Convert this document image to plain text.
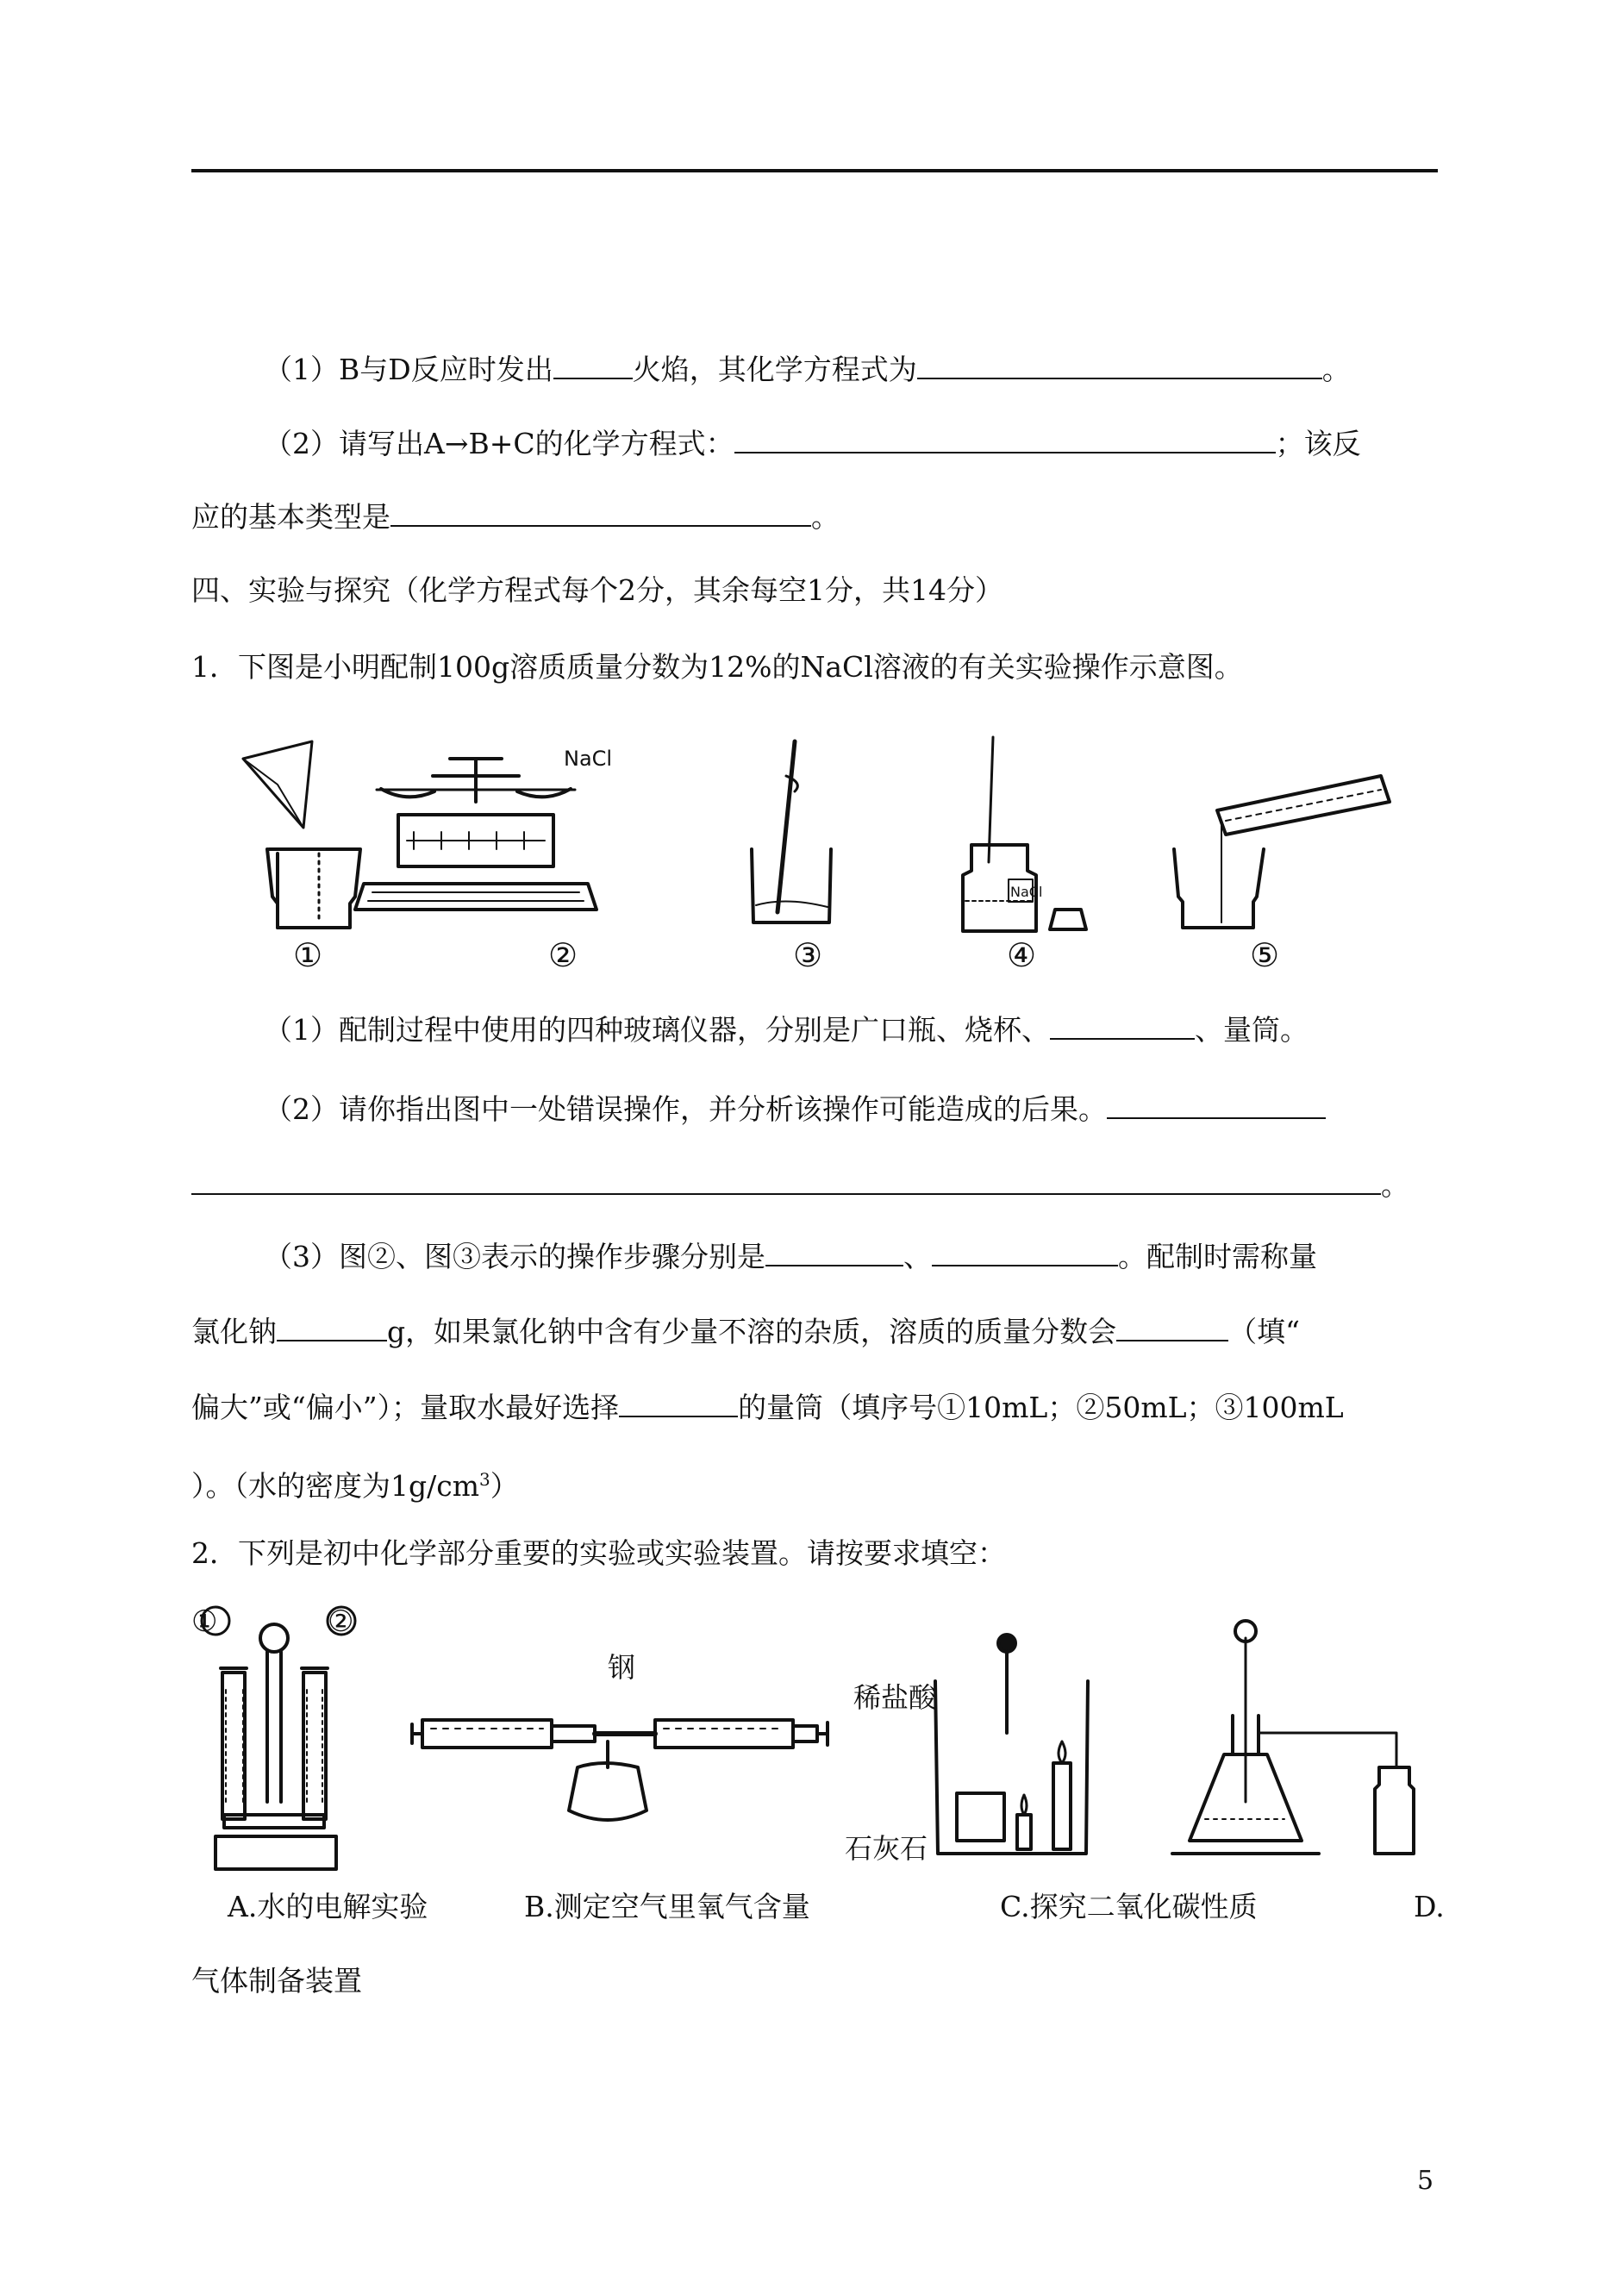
（1）B与D反应时发出	火焰，其化学方程式为	。
（2）请写出A→B+C的化学方程式：	；该反
应的基本类型是	。
四、实验与探究（化学方程式每个2分，其余每空1分，共14分）
1．下图是小明配制100g溶质质量分数为12%的NaCl溶液的有关实验操作示意图。
NaCl
NaCl
①	②	③	④	⑤
（1）配制过程中使用的四种玻璃仪器，分别是广口瓶、烧杯、	、量筒。
（2）请你指出图中一处错误操作，并分析该操作可能造成的后果。
。
（3）图②、图③表示的操作步骤分别是	、	。配制时需称量
氯化钠	g，如果氯化钠中含有少量不溶的杂质，溶质的质量分数会	（填“
偏大”或“偏小”）；量取水最好选择	的量筒（填序号①10mL；②50mL；③100mL
）。（水的密度为$1g/cm^3$）
2．下列是初中化学部分重要的实验或实验装置。请按要求填空：
①	②
钢
稀盐酸
石灰石
A.水的电解实验	B.测定空气里氧气含量	C.探究二氧化碳性质	D.
气体制备装置
5
